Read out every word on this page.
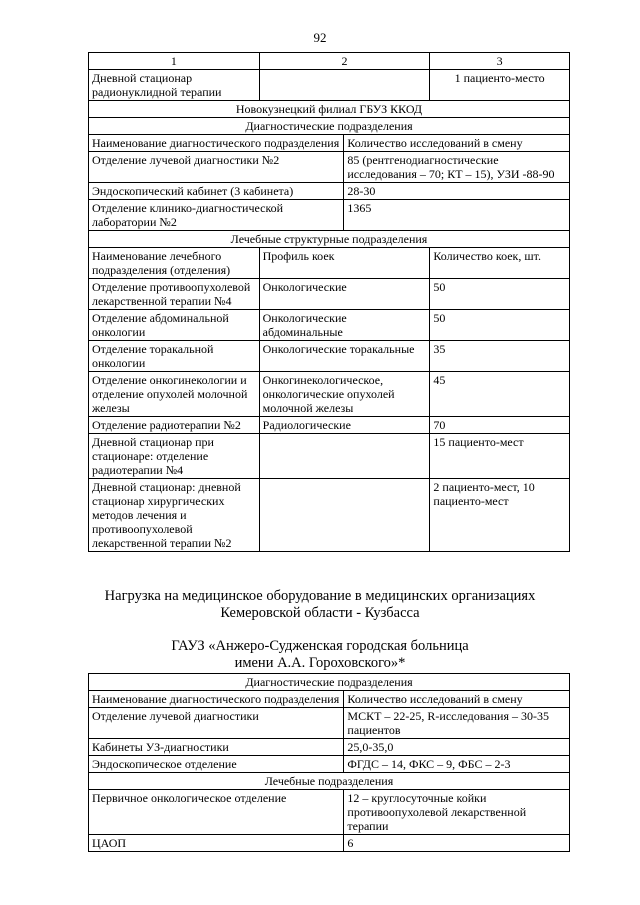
92
1	2	3
Дневной стационар радионуклидной терапии		1 пациенто-место
Новокузнецкий филиал ГБУЗ ККОД		
Диагностические подразделения		
Наименование диагностического подразделения	Количество исследований в смену
Отделение лучевой диагностики №2	85 (рентгенодиагностические исследования – 70; КТ – 15), УЗИ -88-90
Эндоскопический кабинет (3 кабинета)	28-30
Отделение клинико-диагностической лаборатории №2	1365
Лечебные структурные подразделения	
Наименование лечебного подразделения (отделения)	Профиль коек	Количество коек, шт.
Отделение противоопухолевой лекарственной терапии №4	Онкологические	50
Отделение абдоминальной онкологии	Онкологические абдоминальные	50
Отделение торакальной онкологии	Онкологические торакальные	35
Отделение онкогинекологии и отделение опухолей молочной железы	Онкогинекологическое, онкологические опухолей молочной железы	45
Отделение радиотерапии №2	Радиологические	70
Дневной стационар при стационаре: отделение радиотерапии №4		15 пациенто-мест
Дневной стационар: дневной стационар хирургических методов лечения и противоопухолевой лекарственной терапии №2		2 пациенто-мест, 10 пациенто-мест
Нагрузка на медицинское оборудование в медицинских организациях
Кемеровской области - Кузбасса
ГАУЗ «Анжеро-Судженская городская больница
имени А.А. Гороховского»*
Диагностические подразделения	
Наименование диагностического подразделения	Количество исследований в смену
Отделение лучевой диагностики	МСКТ – 22-25, R-исследования – 30-35 пациентов
Кабинеты УЗ-диагностики	25,0-35,0
Эндоскопическое отделение	ФГДС – 14, ФКС – 9, ФБС – 2-3
Лечебные подразделения	
Первичное онкологическое отделение	12 – круглосуточные койки противоопухолевой лекарственной терапии
ЦАОП	6
